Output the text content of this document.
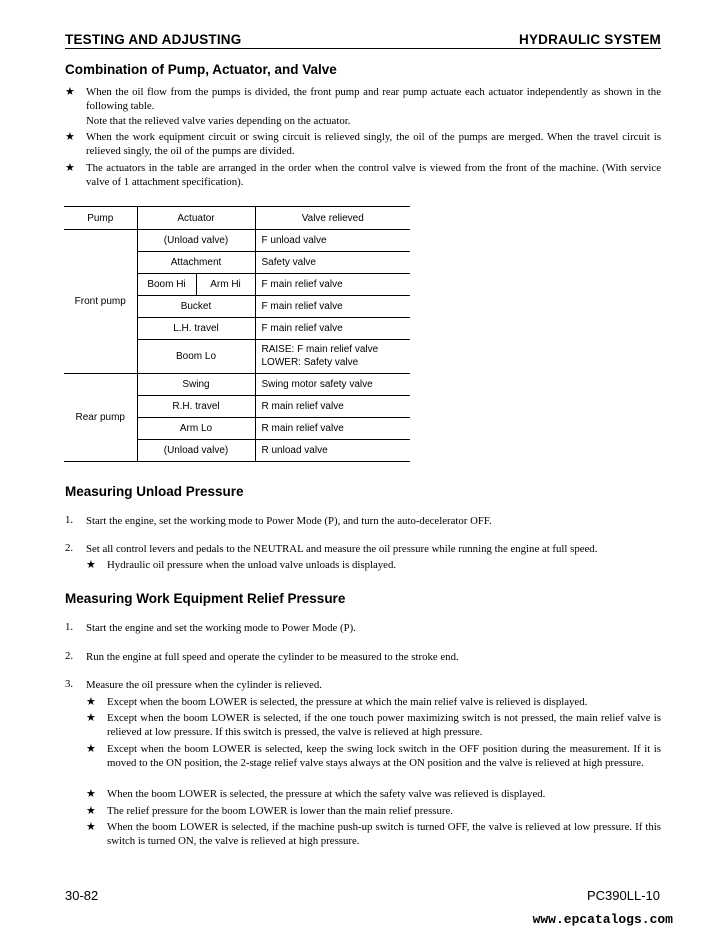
TESTING AND ADJUSTING	HYDRAULIC SYSTEM
Combination of Pump, Actuator, and Valve
★ When the oil flow from the pumps is divided, the front pump and rear pump actuate each actuator independently as shown in the following table.
Note that the relieved valve varies depending on the actuator.
★ When the work equipment circuit or swing circuit is relieved singly, the oil of the pumps are merged. When the travel circuit is relieved singly, the oil of the pumps are divided.
★ The actuators in the table are arranged in the order when the control valve is viewed from the front of the machine. (With service valve of 1 attachment specification).
Pump	Actuator		Valve relieved
Front pump	(Unload valve)		F unload valve
	Attachment		Safety valve
	Boom Hi	Arm Hi	F main relief valve
	Bucket		F main relief valve
	L.H. travel		F main relief valve
	Boom Lo		RAISE: F main relief valve
LOWER: Safety valve
Rear pump	Swing		Swing motor safety valve
	R.H. travel		R main relief valve
	Arm Lo		R main relief valve
	(Unload valve)		R unload valve
Measuring Unload Pressure
1. Start the engine, set the working mode to Power Mode (P), and turn the auto-decelerator OFF.
2. Set all control levers and pedals to the NEUTRAL and measure the oil pressure while running the engine at full speed.
★ Hydraulic oil pressure when the unload valve unloads is displayed.
Measuring Work Equipment Relief Pressure
1. Start the engine and set the working mode to Power Mode (P).
2. Run the engine at full speed and operate the cylinder to be measured to the stroke end.
3. Measure the oil pressure when the cylinder is relieved.
★ Except when the boom LOWER is selected, the pressure at which the main relief valve is relieved is displayed.
★ Except when the boom LOWER is selected, if the one touch power maximizing switch is not pressed, the main relief valve is relieved at low pressure. If this switch is pressed, the valve is relieved at high pressure.
★ Except when the boom LOWER is selected, keep the swing lock switch in the OFF position during the measurement. If it is moved to the ON position, the 2-stage relief valve stays always at the ON position and the valve is relieved at high pressure.
★ When the boom LOWER is selected, the pressure at which the safety valve was relieved is displayed.
★ The relief pressure for the boom LOWER is lower than the main relief pressure.
★ When the boom LOWER is selected, if the machine push-up switch is turned OFF, the valve is relieved at low pressure. If this switch is turned ON, the valve is relieved at high pressure.
30-82	PC390LL-10
www.epcatalogs.com
